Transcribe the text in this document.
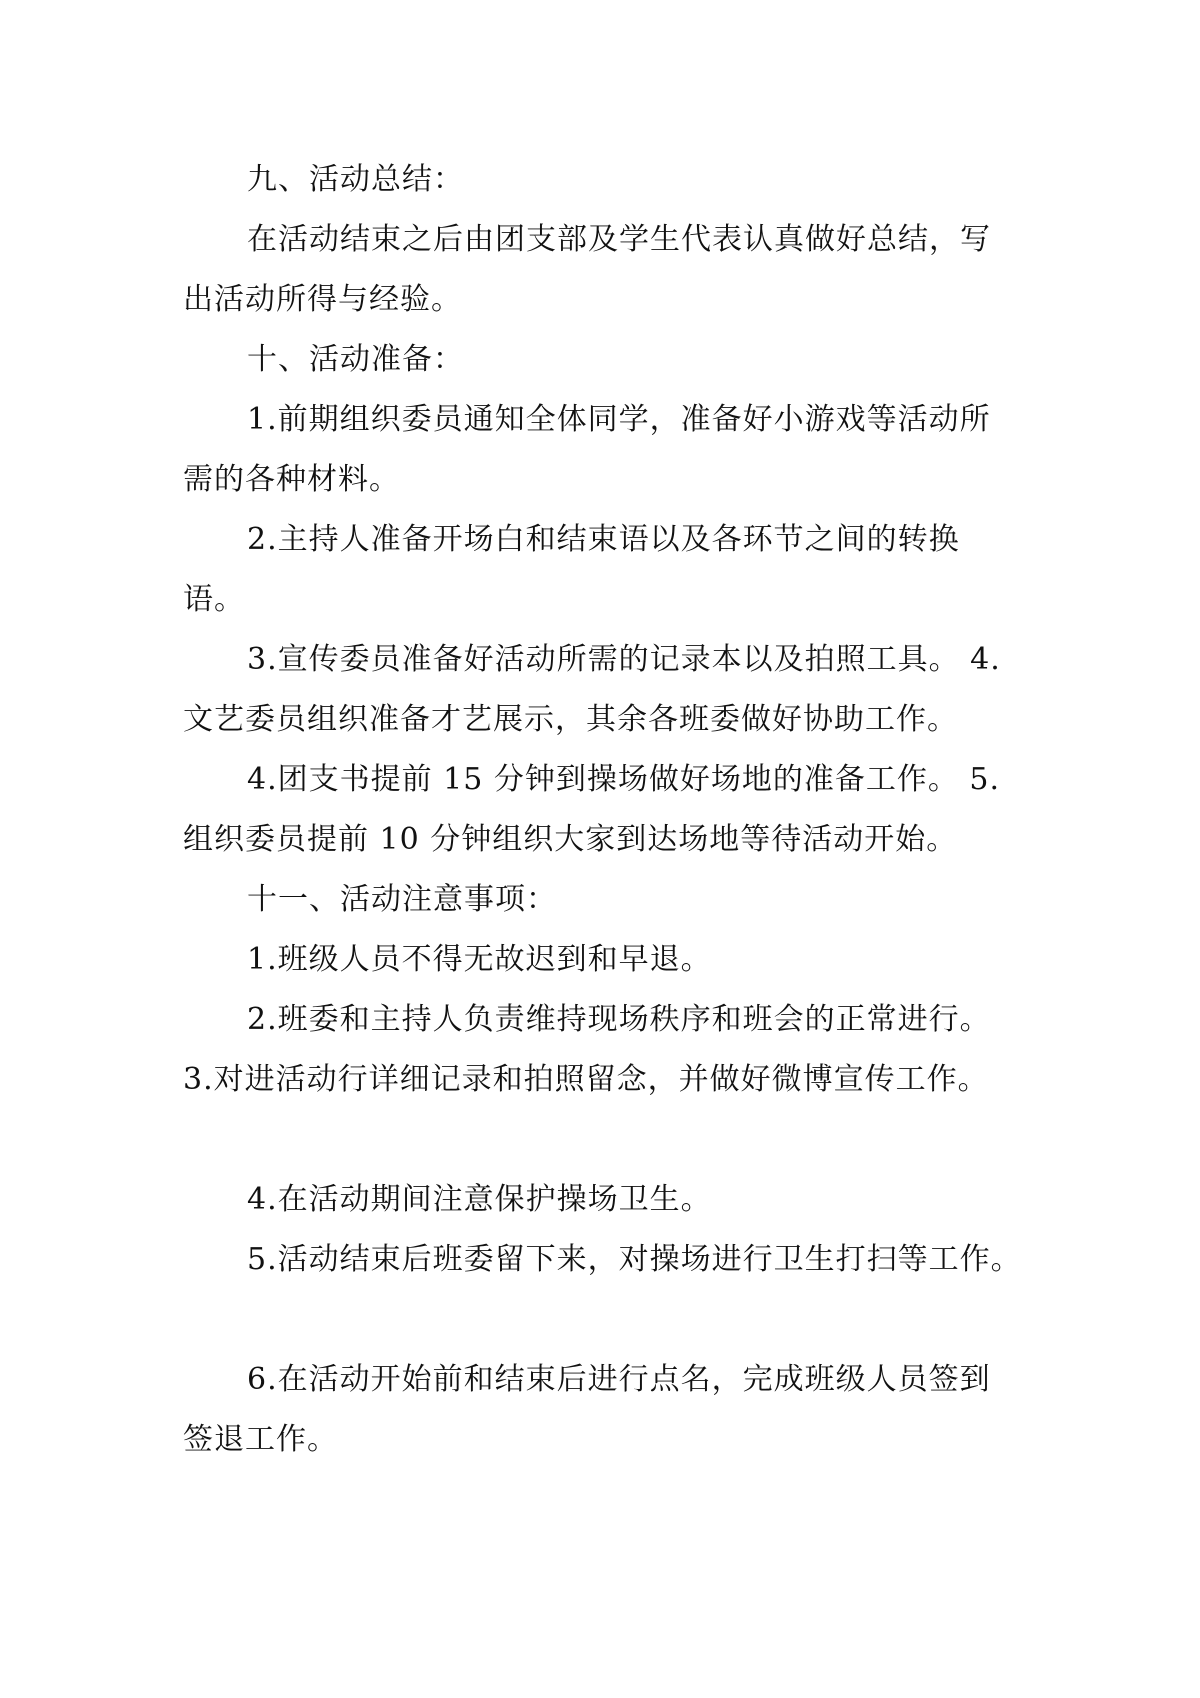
九、活动总结：
在活动结束之后由团支部及学生代表认真做好总结，写
出活动所得与经验。
十、活动准备：
1.前期组织委员通知全体同学，准备好小游戏等活动所
需的各种材料。
2.主持人准备开场白和结束语以及各环节之间的转换
语。
3.宣传委员准备好活动所需的记录本以及拍照工具。 4.
文艺委员组织准备才艺展示，其余各班委做好协助工作。
4.团支书提前 15 分钟到操场做好场地的准备工作。 5.
组织委员提前 10 分钟组织大家到达场地等待活动开始。
十一、活动注意事项：
1.班级人员不得无故迟到和早退。
2.班委和主持人负责维持现场秩序和班会的正常进行。
3.对进活动行详细记录和拍照留念，并做好微博宣传工作。
4.在活动期间注意保护操场卫生。
5.活动结束后班委留下来，对操场进行卫生打扫等工作。
6.在活动开始前和结束后进行点名，完成班级人员签到
签退工作。
